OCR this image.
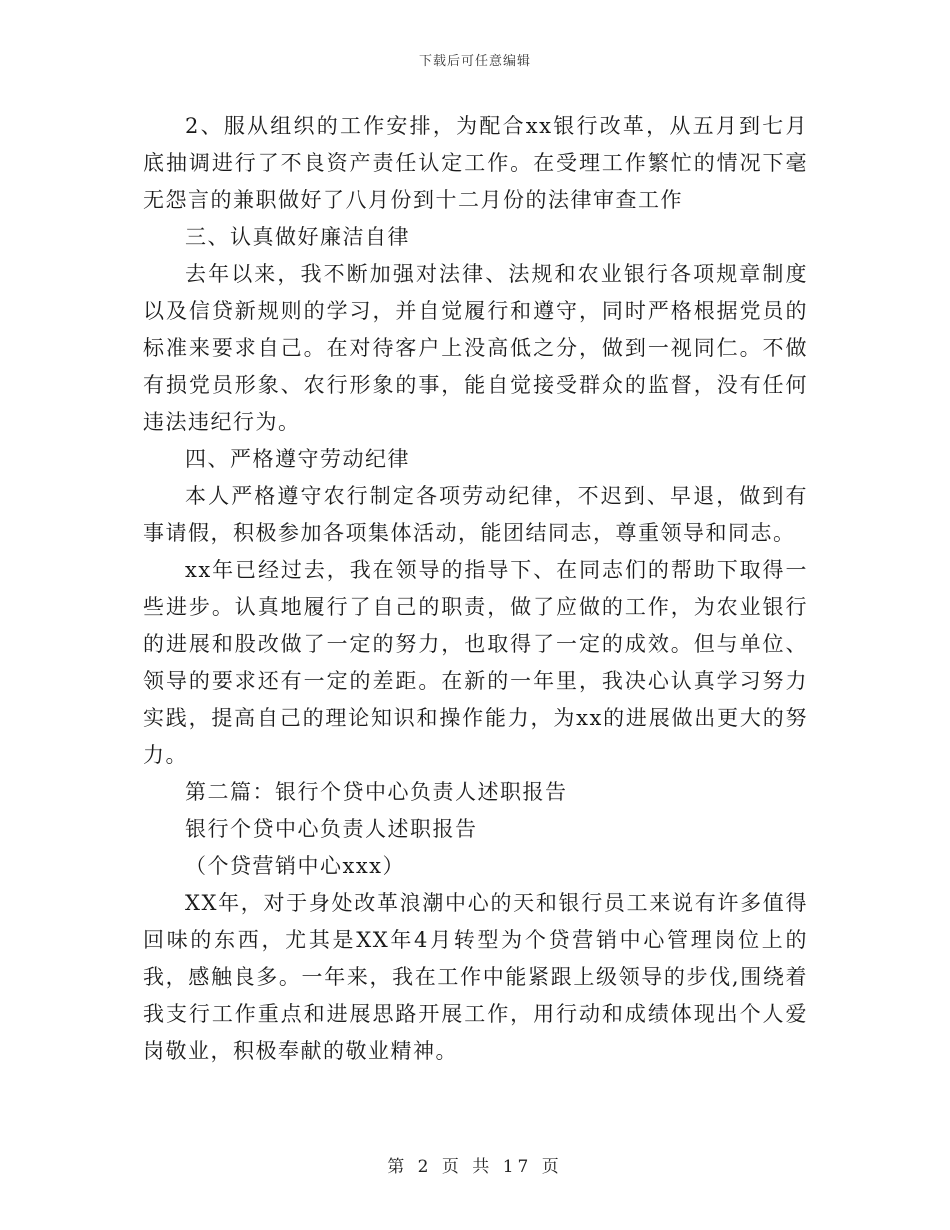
下载后可任意编辑

2、服从组织的工作安排，为配合xx银行改革，从五月到七月底抽调进行了不良资产责任认定工作。在受理工作繁忙的情况下毫无怨言的兼职做好了八月份到十二月份的法律审查工作

三、认真做好廉洁自律

去年以来，我不断加强对法律、法规和农业银行各项规章制度以及信贷新规则的学习，并自觉履行和遵守，同时严格根据党员的标准来要求自己。在对待客户上没高低之分，做到一视同仁。不做有损党员形象、农行形象的事，能自觉接受群众的监督，没有任何违法违纪行为。

四、严格遵守劳动纪律

本人严格遵守农行制定各项劳动纪律，不迟到、早退，做到有事请假，积极参加各项集体活动，能团结同志，尊重领导和同志。

xx年已经过去，我在领导的指导下、在同志们的帮助下取得一些进步。认真地履行了自己的职责，做了应做的工作，为农业银行的进展和股改做了一定的努力，也取得了一定的成效。但与单位、领导的要求还有一定的差距。在新的一年里，我决心认真学习努力实践，提高自己的理论知识和操作能力，为xx的进展做出更大的努力。

第二篇：银行个贷中心负责人述职报告

银行个贷中心负责人述职报告

（个贷营销中心xxx）

XX年，对于身处改革浪潮中心的天和银行员工来说有许多值得回味的东西，尤其是XX年4月转型为个贷营销中心管理岗位上的我，感触良多。一年来，我在工作中能紧跟上级领导的步伐,围绕着我支行工作重点和进展思路开展工作，用行动和成绩体现出个人爱岗敬业，积极奉献的敬业精神。

第 2 页 共 17 页
